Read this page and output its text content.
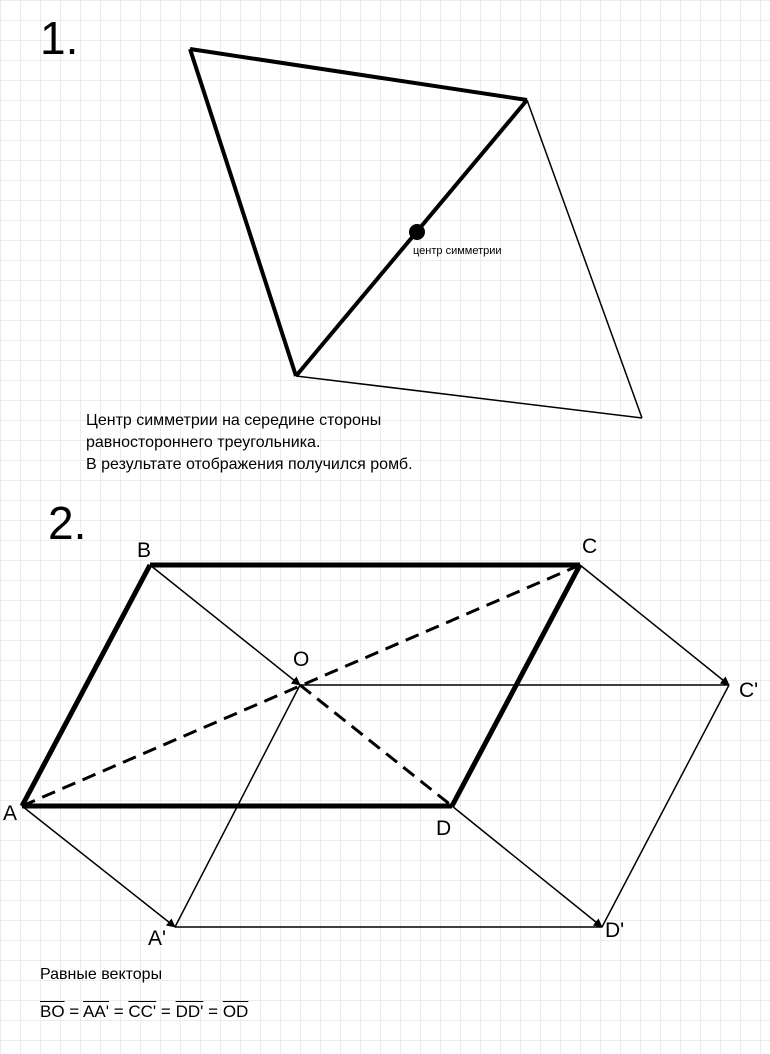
1.
центр симметрии
Центр симметрии на середине стороны
равностороннего треугольника.
В результате отображения получился ромб.
2.
B	C
O
C'
A
D
A'	D'
Равные векторы
$\overline{BO} = AA' = CC' = DD' = \overline{OD}$
